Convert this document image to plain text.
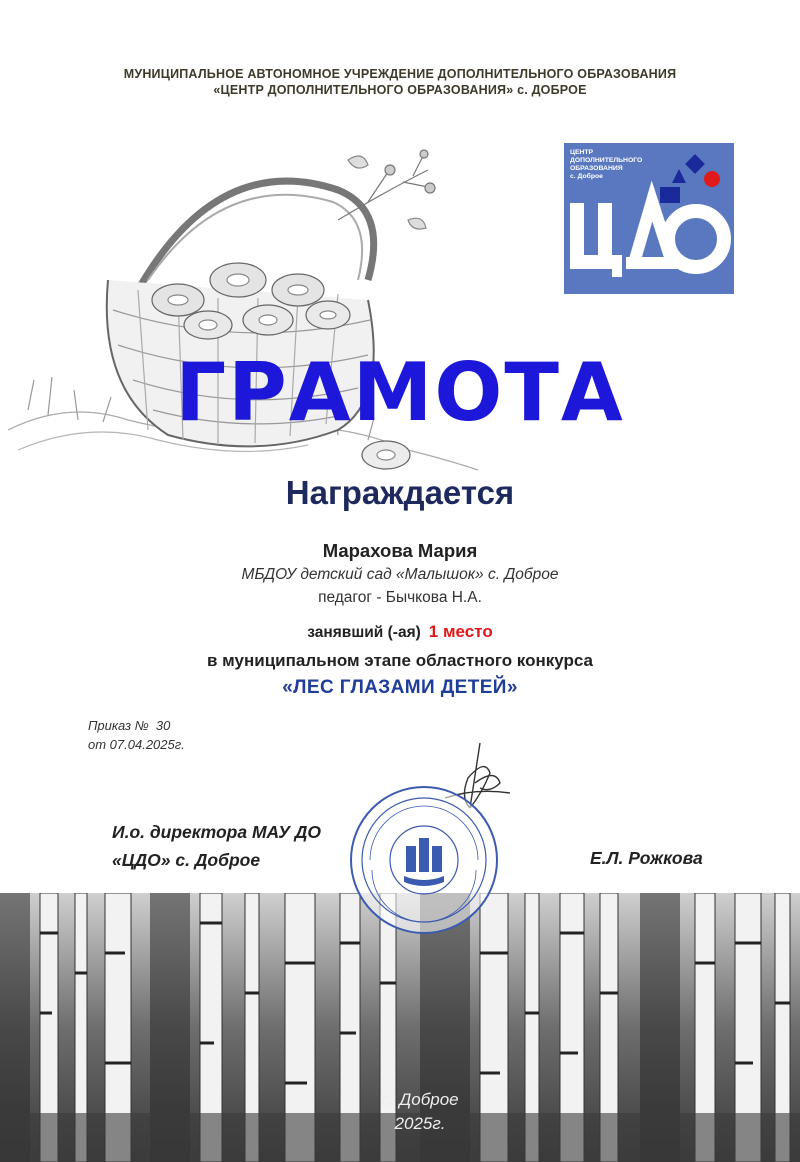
МУНИЦИПАЛЬНОЕ АВТОНОМНОЕ УЧРЕЖДЕНИЕ ДОПОЛНИТЕЛЬНОГО ОБРАЗОВАНИЯ
«ЦЕНТР ДОПОЛНИТЕЛЬНОГО ОБРАЗОВАНИЯ» с. ДОБРОЕ
ЦЕНТР
ДОПОЛНИТЕЛЬНОГО
ОБРАЗОВАНИЯ
с. Доброе
ГРАМОТА
Награждается
Марахова Мария
МБДОУ детский сад «Малышок» с. Доброе
педагог - Бычкова Н.А.
занявший (-ая) 1 место
в муниципальном этапе областного конкурса
«ЛЕС ГЛАЗАМИ ДЕТЕЙ»
Приказ №  30
от 07.04.2025г.
И.о. директора МАУ ДО
«ЦДО» с. Доброе	Е.Л. Рожкова
с. Доброе
2025г.
